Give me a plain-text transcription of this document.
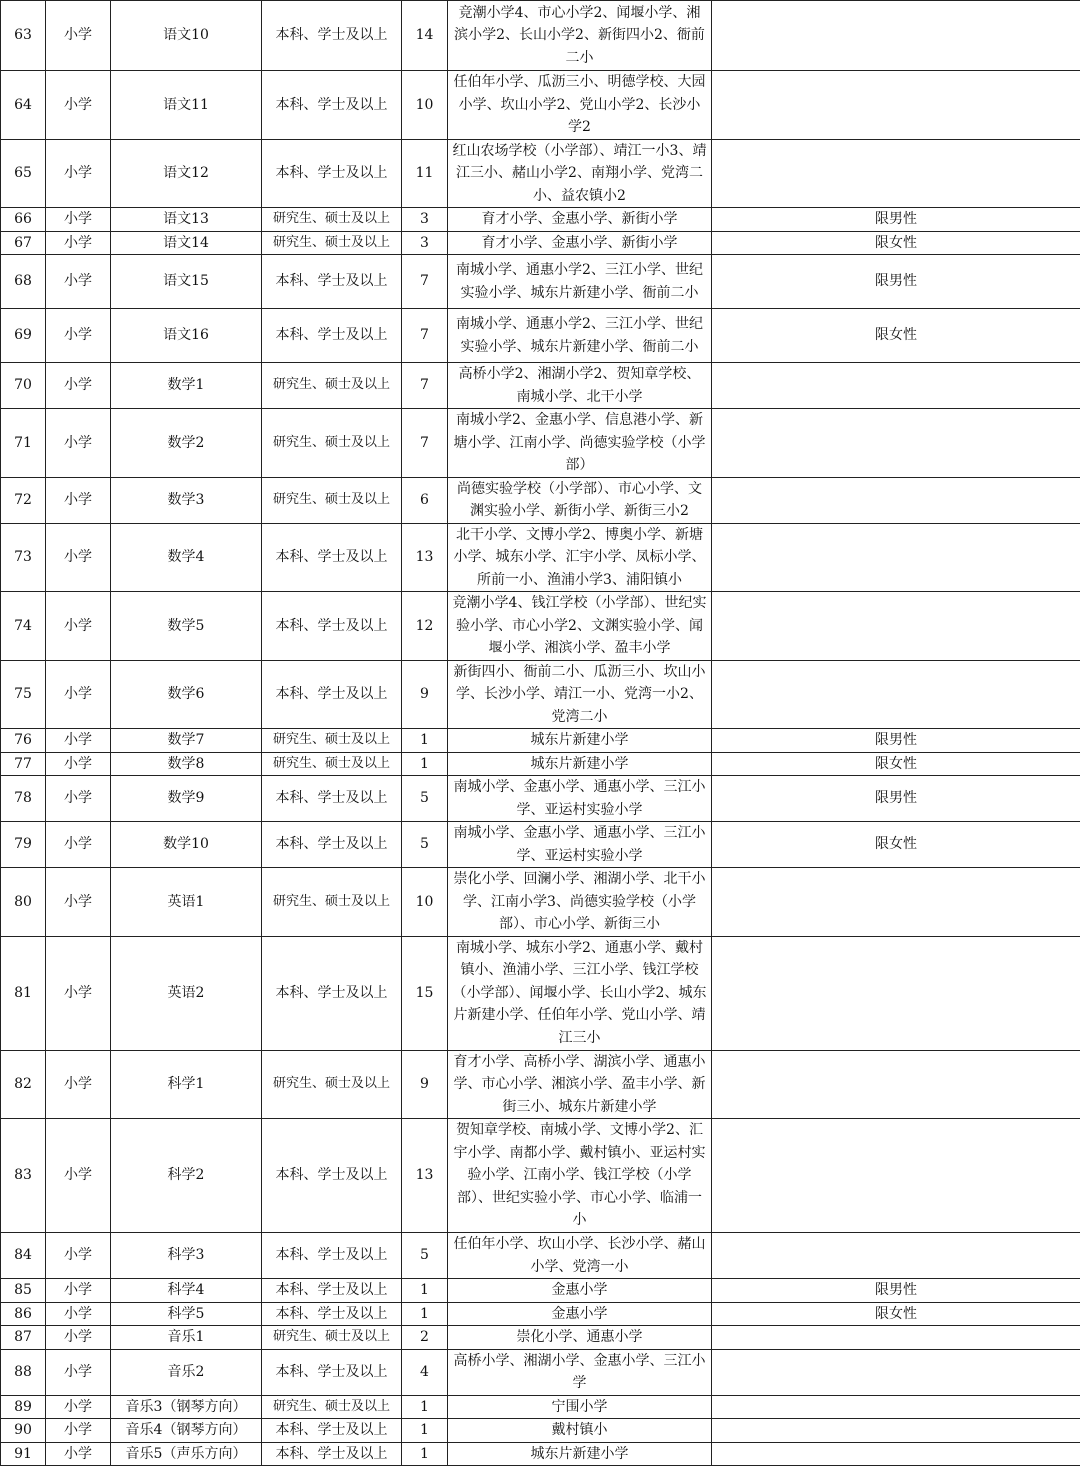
63	小学	语文10	本科、学士及以上	14	竞潮小学4、市心小学2、闻堰小学、湘滨小学2、长山小学2、新街四小2、衙前二小	
64	小学	语文11	本科、学士及以上	10	任伯年小学、瓜沥三小、明德学校、大园小学、坎山小学2、党山小学2、长沙小学2	
65	小学	语文12	本科、学士及以上	11	红山农场学校（小学部）、靖江一小3、靖江三小、赭山小学2、南翔小学、党湾二小、益农镇小2	
66	小学	语文13	研究生、硕士及以上	3	育才小学、金惠小学、新街小学	限男性
67	小学	语文14	研究生、硕士及以上	3	育才小学、金惠小学、新街小学	限女性
68	小学	语文15	本科、学士及以上	7	南城小学、通惠小学2、三江小学、世纪实验小学、城东片新建小学、衙前二小	限男性
69	小学	语文16	本科、学士及以上	7	南城小学、通惠小学2、三江小学、世纪实验小学、城东片新建小学、衙前二小	限女性
70	小学	数学1	研究生、硕士及以上	7	高桥小学2、湘湖小学2、贺知章学校、南城小学、北干小学	
71	小学	数学2	研究生、硕士及以上	7	南城小学2、金惠小学、信息港小学、新塘小学、江南小学、尚德实验学校（小学部）	
72	小学	数学3	研究生、硕士及以上	6	尚德实验学校（小学部）、市心小学、文渊实验小学、新街小学、新街三小2	
73	小学	数学4	本科、学士及以上	13	北干小学、文博小学2、博奥小学、新塘小学、城东小学、汇宇小学、凤标小学、所前一小、渔浦小学3、浦阳镇小	
74	小学	数学5	本科、学士及以上	12	竞潮小学4、钱江学校（小学部）、世纪实验小学、市心小学2、文渊实验小学、闻堰小学、湘滨小学、盈丰小学	
75	小学	数学6	本科、学士及以上	9	新街四小、衙前二小、瓜沥三小、坎山小学、长沙小学、靖江一小、党湾一小2、党湾二小	
76	小学	数学7	研究生、硕士及以上	1	城东片新建小学	限男性
77	小学	数学8	研究生、硕士及以上	1	城东片新建小学	限女性
78	小学	数学9	本科、学士及以上	5	南城小学、金惠小学、通惠小学、三江小学、亚运村实验小学	限男性
79	小学	数学10	本科、学士及以上	5	南城小学、金惠小学、通惠小学、三江小学、亚运村实验小学	限女性
80	小学	英语1	研究生、硕士及以上	10	崇化小学、回澜小学、湘湖小学、北干小学、江南小学3、尚德实验学校（小学部）、市心小学、新街三小	
81	小学	英语2	本科、学士及以上	15	南城小学、城东小学2、通惠小学、戴村镇小、渔浦小学、三江小学、钱江学校（小学部）、闻堰小学、长山小学2、城东片新建小学、任伯年小学、党山小学、靖江三小	
82	小学	科学1	研究生、硕士及以上	9	育才小学、高桥小学、湖滨小学、通惠小学、市心小学、湘滨小学、盈丰小学、新街三小、城东片新建小学	
83	小学	科学2	本科、学士及以上	13	贺知章学校、南城小学、文博小学2、汇宇小学、南都小学、戴村镇小、亚运村实验小学、江南小学、钱江学校（小学部）、世纪实验小学、市心小学、临浦一小	
84	小学	科学3	本科、学士及以上	5	任伯年小学、坎山小学、长沙小学、赭山小学、党湾一小	
85	小学	科学4	本科、学士及以上	1	金惠小学	限男性
86	小学	科学5	本科、学士及以上	1	金惠小学	限女性
87	小学	音乐1	研究生、硕士及以上	2	崇化小学、通惠小学	
88	小学	音乐2	本科、学士及以上	4	高桥小学、湘湖小学、金惠小学、三江小学	
89	小学	音乐3（钢琴方向）	研究生、硕士及以上	1	宁围小学	
90	小学	音乐4（钢琴方向）	本科、学士及以上	1	戴村镇小	
91	小学	音乐5（声乐方向）	本科、学士及以上	1	城东片新建小学	
